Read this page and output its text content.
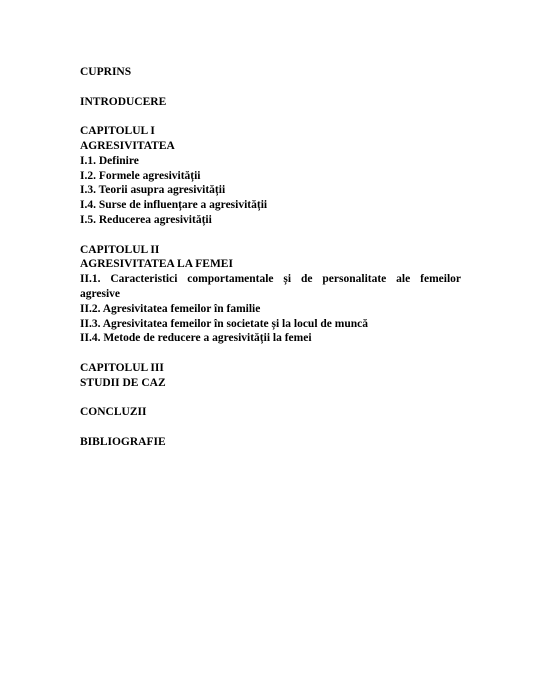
CUPRINS
INTRODUCERE
CAPITOLUL I
AGRESIVITATEA
I.1. Definire
I.2. Formele agresivității
I.3. Teorii asupra agresivității
I.4. Surse de influențare a agresivității
I.5. Reducerea agresivității
CAPITOLUL II
AGRESIVITATEA LA FEMEI
II.1. Caracteristici comportamentale și de personalitate ale femeilor
agresive
II.2. Agresivitatea femeilor în familie
II.3. Agresivitatea femeilor în societate și la locul de muncă
II.4. Metode de reducere a agresivității la femei
CAPITOLUL III
STUDII DE CAZ
CONCLUZII
BIBLIOGRAFIE
